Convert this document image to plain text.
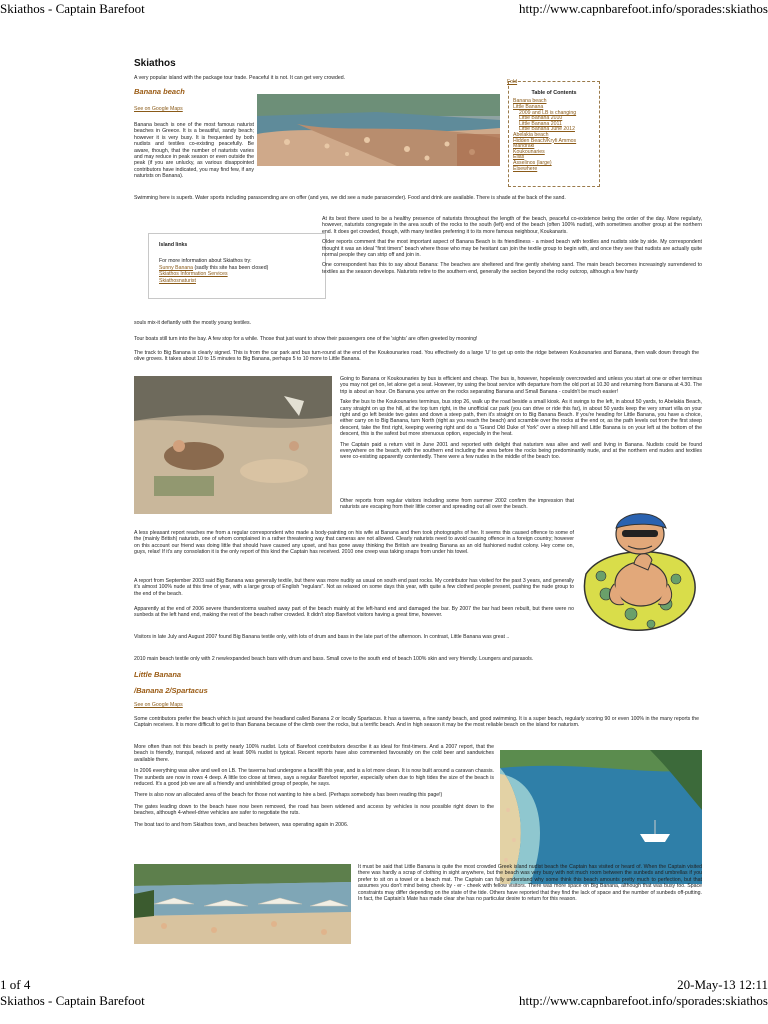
Skiathos - Captain Barefoot	http://www.capnbarefoot.info/sporades:skiathos
1 of 4	20-May-13 12:11
Skiathos - Captain Barefoot	http://www.capnbarefoot.info/sporades:skiathos
Skiathos
A very popular island with the package tour trade. Peaceful it is not. It can get very crowded.
Banana beach
See on Google Maps
Fold
Table of Contents
Banana beach
Little Banana
2009 and LB is changing
Little Banana 2010
Little Banana 2011
Little Banana June 2012
Abelakia beach
Hidden Beach/Kryfi Ammos
Mandraki
Koukounaries
Elias
Asselinos (large)
Elsewhere
Banana beach is one of the most famous naturist beaches in Greece. It is a beautiful, sandy beach; however it is very busy. It is frequented by both nudists and textiles co-existing peacefully. Be aware, though, that the number of naturists varies and may reduce in peak season or even outside the peak (if you are unlucky, as various disappointed contributors have indicated, you may find few, if any naturists on Banana).
Swimming here is superb. Water sports including parascending are on offer (and yes, we did see a nude parascender). Food and drink are available. There is shade at the back of the sand.
Island links
For more information about Skiathos try:
Sunny Banana (sadly this site has been closed)
Skiathos Information Services
Skiathosnaturist

At its best there used to be a healthy presence of naturists throughout the length of the beach, peaceful co-existence being the order of the day. More regularly, however, naturists congregate in the area south of the rocks to the south (left) end of the beach (often 100% nudist), with sometimes another group at the northern end. It does get crowded, though, with many textiles preferring it to its more famous neighbour, Koukanaris.

Older reports comment that the most important aspect of Banana Beach is its friendliness - a mixed beach with textiles and nudists side by side. My correspondent thought it was an ideal "first timers" beach where those who may be hesitant can join the textile group to begin with, and once they see that nudists are actually quite normal people they can strip off and join in.

One correspondent has this to say about Banana: The beaches are sheltered and fine gently shelving sand. The main beach becomes increasingly surrendered to textiles as the season develops. Naturists retire to the southern end, generally the section beyond the rocky outcrop, although a few hardy

souls mix-it defiantly with the mostly young textiles.
Tour boats still turn into the bay. A few stop for a while. Those that just want to show their passengers one of the 'sights' are often greeted by mooning!
The track to Big Banana is clearly signed. This is from the car park and bus turn-round at the end of the Koukounaries road. You effectively do a large 'U' to get up onto the ridge between Koukounaries and Banana, then walk down through the olive groves. It takes about 10 to 15 minutes to Big Banana, perhaps 5 to 10 more to Little Banana.

Going to Banana or Koukounaries by bus is efficient and cheap. The bus is, however, hopelessly overcrowded and unless you start at one or other terminus you may not get on, let alone get a seat. However, try using the boat service with departure from the old port at 10.30 and returning from Banana at 4.30. The trip is about an hour. On Banana you arrive on the rocks separating Banana and Small Banana - couldn't be much easier!

Take the bus to the Koukounaries terminus, bus stop 26, walk up the road beside a small kiosk. As it swings to the left, in about 50 yards, to Abelakia Beach, carry straight on up the hill, at the top turn right, in the unofficial car park (you can drive or ride this far), in about 50 yards keep the very smart villa on your right and go left beside two gates and down a steep path, then it's straight on to Big Banana Beach. If you're heading for Little Banana, you have a choice, either carry on to Big Banana, turn North (right as you reach the beach) and scramble over the rocks at the end or, as the path levels out from the first steep descent, take the first right, keeping veering right and do a "Grand Old Duke of York" over a steep hill and Little Banana is on your left at the bottom of the descent, this is the safest but more strenuous option, especially in the heat.

The Captain paid a return visit in June 2001 and reported with delight that naturism was alive and well and living in Banana. Nudists could be found everywhere on the beach, with the southern end including the area before the rocks being predominantly nude, and at the northern end nudes and textiles were co-existing apparently contentedly. There were a few nudes in the middle of the beach too.

Other reports from regular visitors including some from summer 2002 confirm the impression that naturists are escaping from their little corner and spreading out all over the beach.
A less pleasant report reaches me from a regular correspondent who made a body-painting on his wife at Banana and then took photographs of her. It seems this caused offence to some of the (mainly British) naturists, one of whom complained in a rather threatening way that cameras are not allowed. Clearly naturists need to avoid causing offence in a foreign country; however on this account our friend was doing little that should have caused any upset, and has gone away thinking the British are treating Banana as an old fashioned nudist colony. Hey come on, guys, relax! If it's any consolation it is the only report of this kind the Captain has received. 2010 one creep was taking snaps from under his towel.
A report from September 2003 said Big Banana was generally textile, but there was more nudity as usual on south end past rocks. My contributor has visited for the past 3 years, and generally it's almost 100% nude at this time of year, with a large group of English "regulars". Not as relaxed on some days this year, with quite a few clothed people present, pushing the nude group to the end of the beach.
Apparently at the end of 2006 severe thunderstorms washed away part of the beach mainly at the left-hand end and damaged the bar. By 2007 the bar had been rebuilt, but there were no sunbeds at the left hand end, making the rest of the beach rather crowded. It didn't stop Barefoot visitors having a great time, however.
Visitors in late July and August 2007 found Big Banana textile only, with lots of drum and bass in the late part of the afternoon. In contrast, Little Banana was great ..
2010 main beach textile only with 2 new/expanded beach bars with drum and bass. Small cove to the south end of beach 100% skin and very friendly. Loungers and parasols.
Little Banana
/Banana 2/Spartacus
See on Google Maps
Some contributors prefer the beach which is just around the headland called Banana 2 or locally Spartacus. It has a taverna, a fine sandy beach, and good swimming. It is a super beach, regularly scoring 90 or even 100% in the many reports the Captain receives. It is more difficult to get to than Banana because of the climb over the rocks, but a terrific beach. And in high season it may be the most reliable beach on the island for naturism.

More often than not this beach is pretty nearly 100% nudist. Lots of Barefoot contributors describe it as ideal for first-timers. And a 2007 report, that the beach is friendly, tranquil, relaxed and at least 90% nudist is typical. Recent reports have also commented favourably on the cold beer and sandwiches available there.

In 2006 everything was alive and well on LB. The taverna had undergone a facelift this year, and is a lot more clean. It is now built around a caravan chassis. The sunbeds are now in rows 4 deep. A little too close at times, says a regular Barefoot reporter, especially when due to high tides the size of the beach is reduced. It's a good job we are all a friendly and uninhibited group of people, he says.

There is also now an allocated area of the beach for those not wanting to hire a bed. (Perhaps somebody has been reading this page!)

The gates leading down to the beach have now been removed, the road has been widened and access by vehicles is now possible right down to the beaches, although 4-wheel-drive vehicles are safer to negotiate the ruts.

The boat taxi to and from Skiathos town, and beaches between, was operating again in 2006.

It must be said that Little Banana is quite the most crowded Greek island nudist beach the Captain has visited or heard of. When the Captain visited there was hardly a scrap of clothing in sight anywhere, but the beach was very busy with not much room between the sunbeds and umbrellas if you prefer to sit on a towel or a beach mat. The Captain can fully understand why some think this beach amounts pretty much to perfection, but that assumes you don't mind being cheek by - er - cheek with fellow visitors. There was more space on Big Banana, although that was busy too. Space constraints may differ depending on the state of the tide. Others have reported that they find the lack of space and the number of sunbeds off-putting. In fact, the Captain's Mate has made clear she has no particular desire to return for this reason.
